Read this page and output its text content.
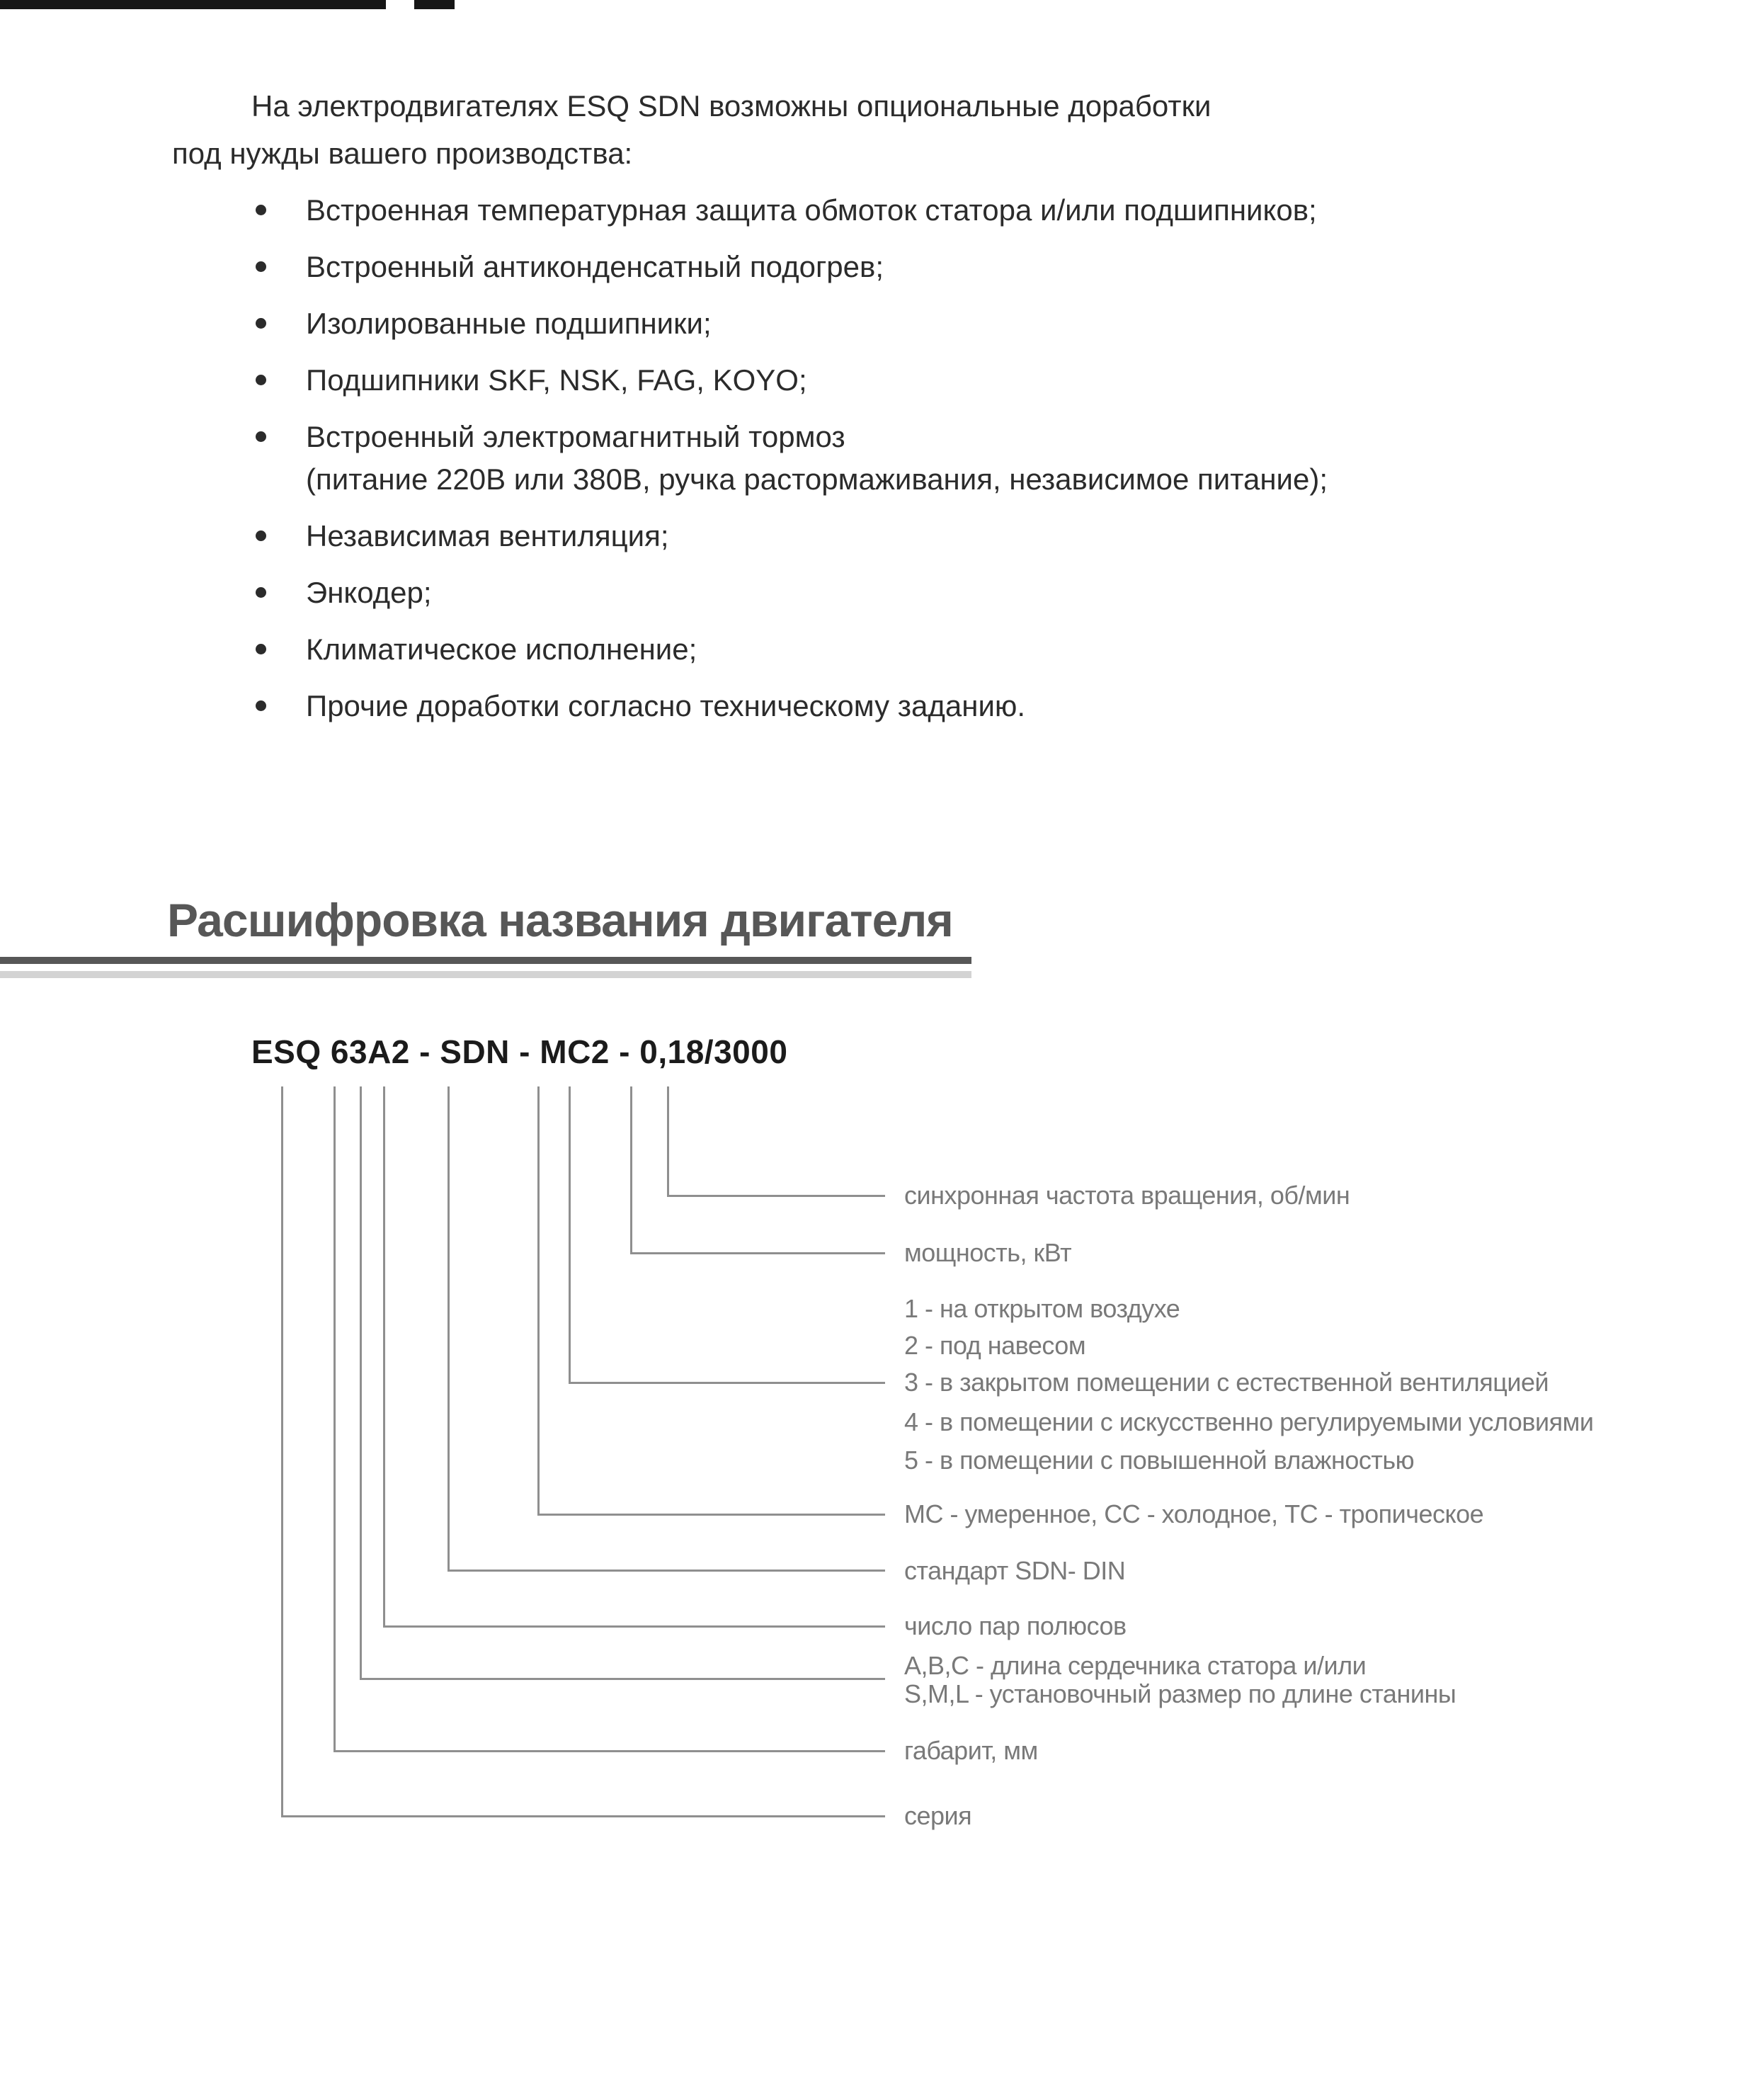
На электродвигателях ESQ SDN возможны опциональные доработки
под нужды вашего производства:
Встроенная температурная защита обмоток статора и/или подшипников;
Встроенный антиконденсатный подогрев;
Изолированные подшипники;
Подшипники SKF, NSK, FAG, KOYO;
Встроенный электромагнитный тормоз
(питание 220В или 380В, ручка растормаживания, независимое питание);
Независимая вентиляция;
Энкодер;
Климатическое исполнение;
Прочие доработки согласно техническому заданию.
Расшифровка названия двигателя
ESQ 63A2 - SDN - MC2 - 0,18/3000
синхронная частота вращения, об/мин
мощность, кВт
1 - на открытом воздухе
2 - под навесом
3 - в закрытом помещении с естественной вентиляцией
4 - в помещении с искусственно регулируемыми условиями
5 - в помещении с повышенной влажностью
МС - умеренное, СС - холодное, ТС - тропическое
стандарт SDN- DIN
число пар полюсов
A,B,C - длина сердечника статора и/или
S,M,L - установочный размер по длине станины
габарит, мм
серия
